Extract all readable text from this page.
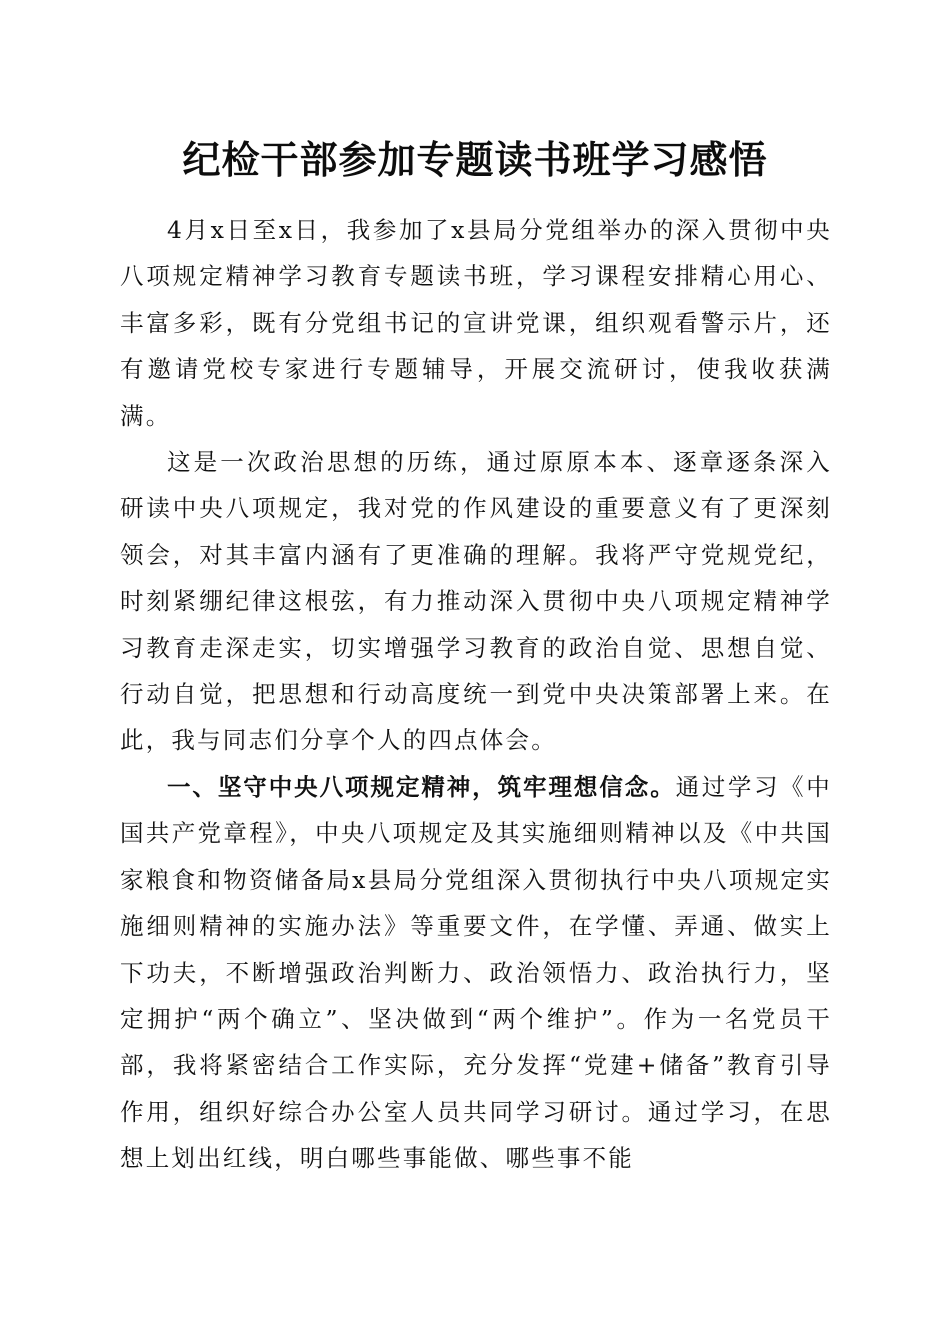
纪检干部参加专题读书班学习感悟

4月x日至x日，我参加了x县局分党组举办的深入贯彻中央八项规定精神学习教育专题读书班，学习课程安排精心用心、丰富多彩，既有分党组书记的宣讲党课，组织观看警示片，还有邀请党校专家进行专题辅导，开展交流研讨，使我收获满满。

这是一次政治思想的历练，通过原原本本、逐章逐条深入研读中央八项规定，我对党的作风建设的重要意义有了更深刻领会，对其丰富内涵有了更准确的理解。我将严守党规党纪，时刻紧绷纪律这根弦，有力推动深入贯彻中央八项规定精神学习教育走深走实，切实增强学习教育的政治自觉、思想自觉、行动自觉，把思想和行动高度统一到党中央决策部署上来。在此，我与同志们分享个人的四点体会。

一、坚守中央八项规定精神，筑牢理想信念。通过学习《中国共产党章程》，中央八项规定及其实施细则精神以及《中共国家粮食和物资储备局x县局分党组深入贯彻执行中央八项规定实施细则精神的实施办法》等重要文件，在学懂、弄通、做实上下功夫，不断增强政治判断力、政治领悟力、政治执行力，坚定拥护“两个确立”、坚决做到“两个维护”。作为一名党员干部，我将紧密结合工作实际，充分发挥“党建+储备”教育引导作用，组织好综合办公室人员共同学习研讨。通过学习，在思想上划出红线，明白哪些事能做、哪些事不能
